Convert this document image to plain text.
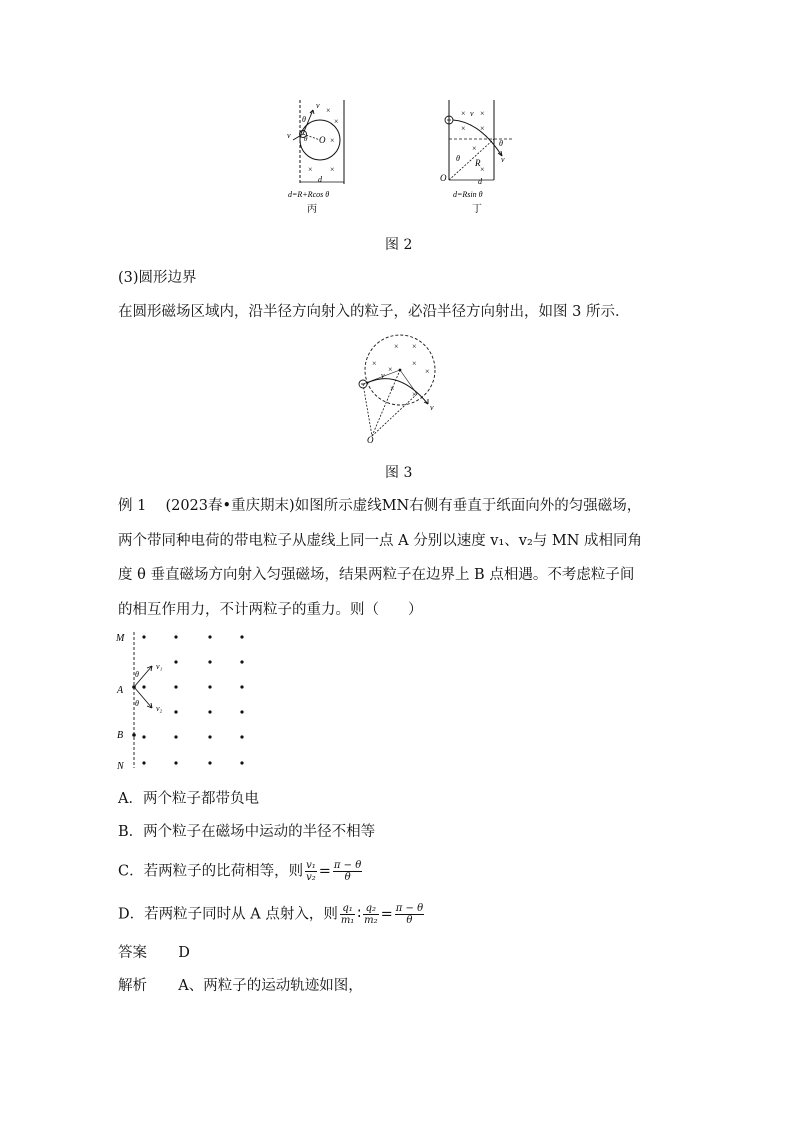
v
v
θ
θ O
×
×
×
× ×
d
d=R+Rcos θ
丙
v
v
θ
θ R
O	d
× ×
× ×
×
×
d=Rsin θ
丁
图 2
(3)圆形边界
在圆形磁场区域内，沿半径方向射入的粒子，必沿半径方向射出，如图 3 所示．
v
v
O
× ×
×
×
×
×
×
×
图 3
例 1　 (2023春•重庆期末)如图所示虚线MN右侧有垂直于纸面向外的匀强磁场，
两个带同种电荷的带电粒子从虚线上同一点 A 分别以速度 v₁、v₂与 MN 成相同角
度 θ 垂直磁场方向射入匀强磁场，结果两粒子在边界上 B 点相遇。不考虑粒子间
的相互作用力，不计两粒子的重力。则（　　）
M
A
B
N
v₁
v₂
θ
θ
A．两个粒子都带负电
B．两个粒子在磁场中运动的半径不相等
C．若两粒子的比荷相等，则 $\frac{\text{v₁}}{\text{v₂}} = \frac{\pi - \theta}{\theta}$
D．若两粒子同时从 A 点射入，则 $\frac{\text{q₁}}{\text{m₁}}$ ∶ $\frac{\text{q₂}}{\text{m₂}} = \frac{\pi - \theta}{\theta}$
答案 D
解析 A、两粒子的运动轨迹如图，
